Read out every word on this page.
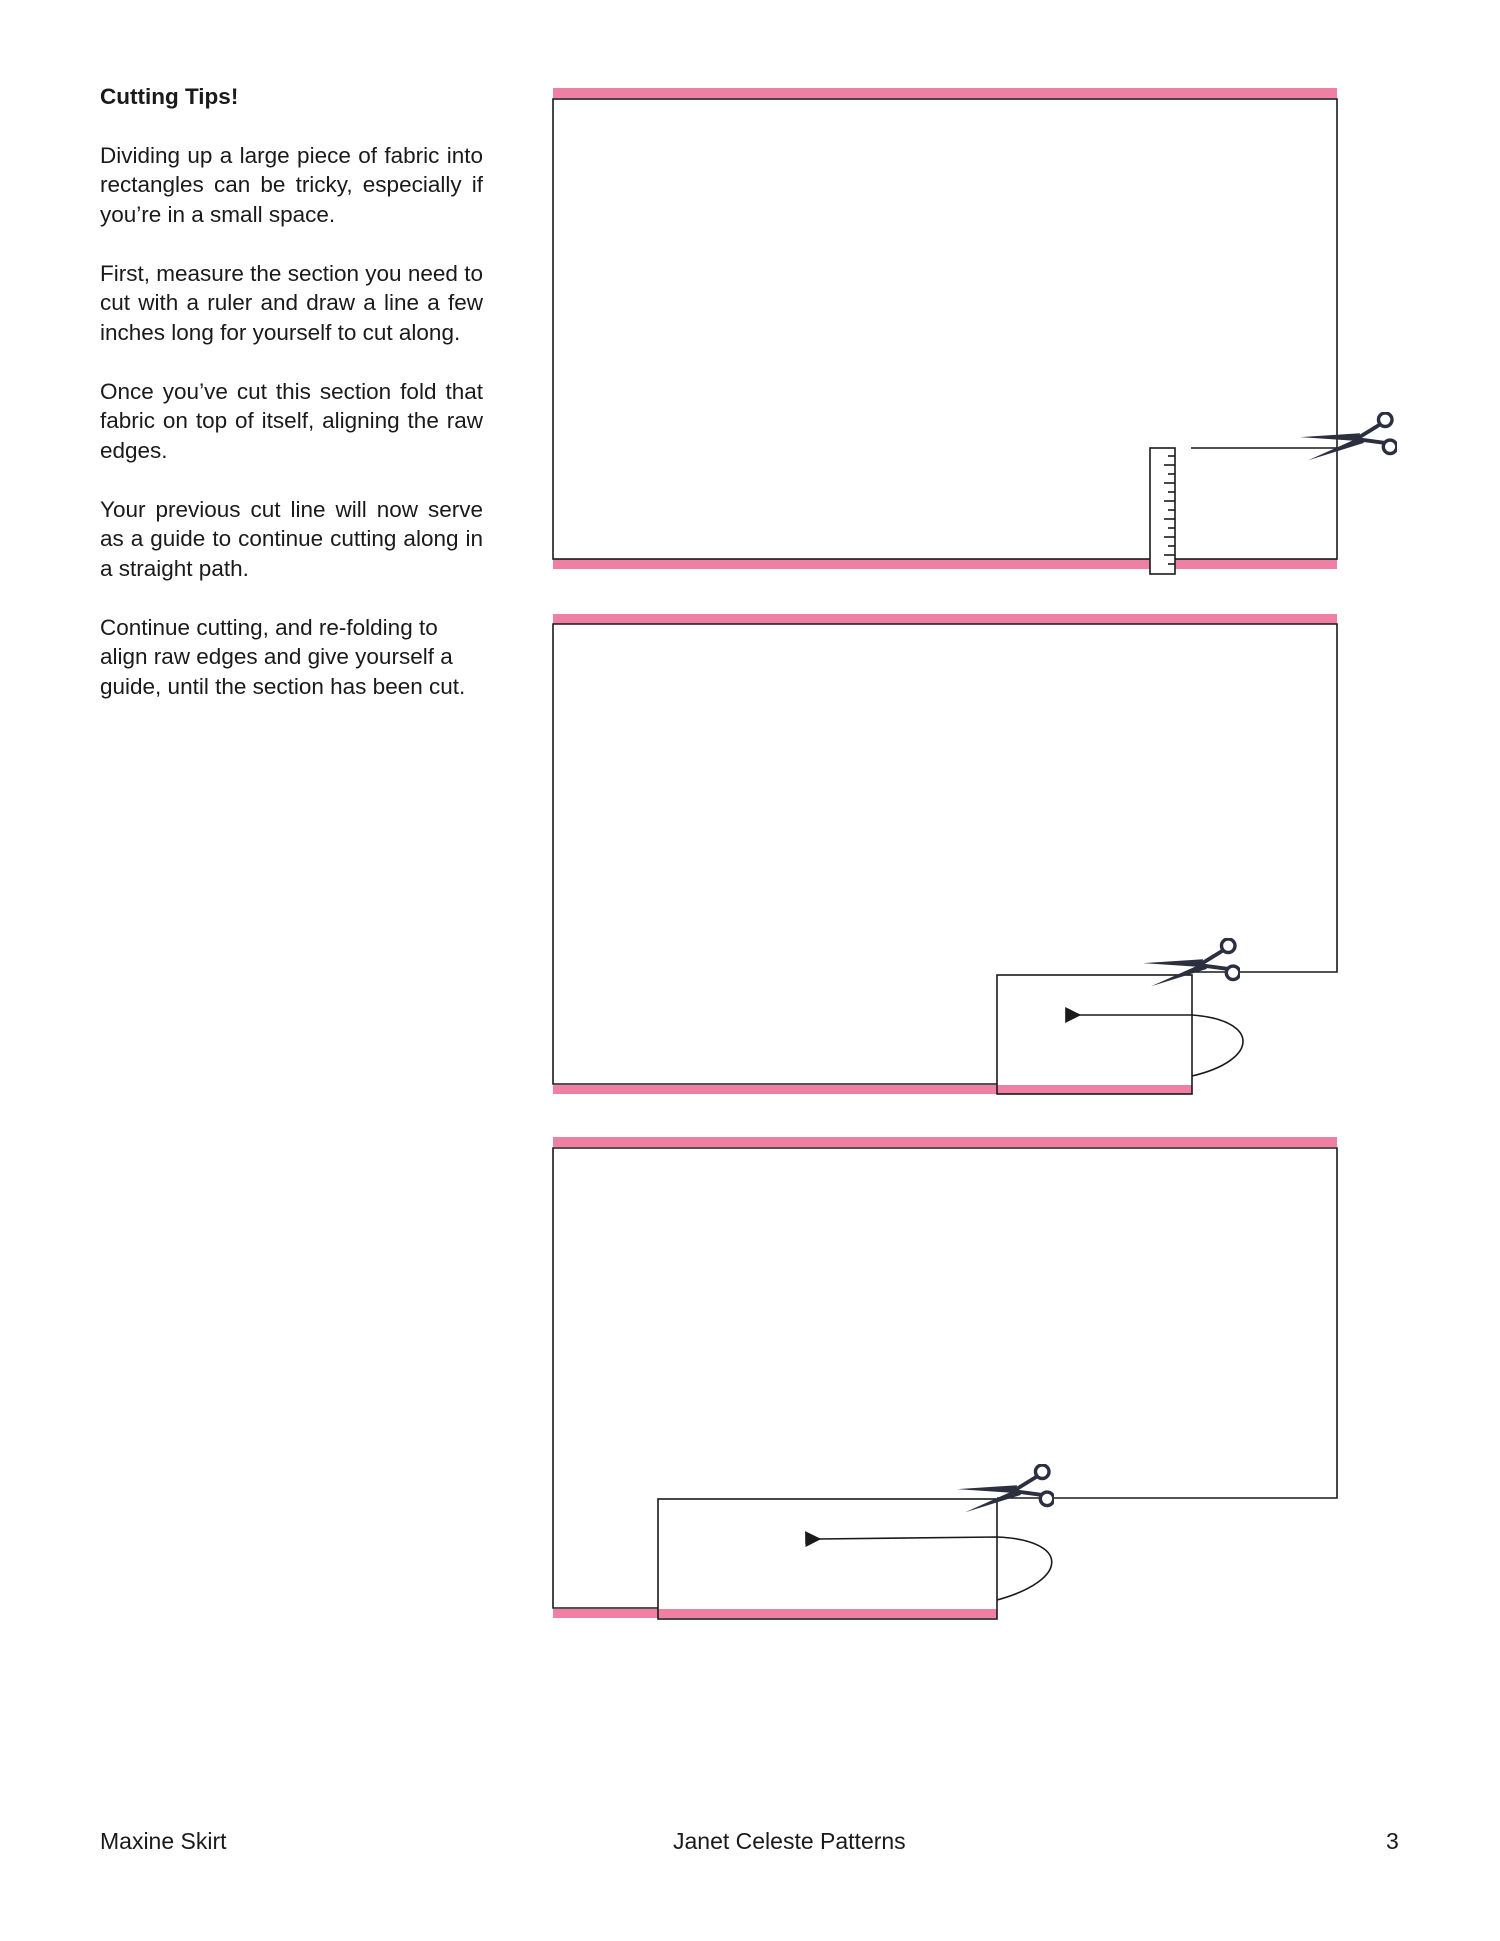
Cutting Tips!

Dividing up a large piece of fabric into rectangles can be tricky, especially if you’re in a small space.

First, measure the section you need to cut with a ruler and draw a line a few inches long for yourself to cut along.

Once you’ve cut this section fold that fabric on top of itself, aligning the raw edges.

Your previous cut line will now serve as a guide to continue cutting along in a straight path.

Continue cutting, and re-folding to align raw edges and give yourself a guide, until the section has been cut.

Maxine Skirt	Janet Celeste Patterns	3
